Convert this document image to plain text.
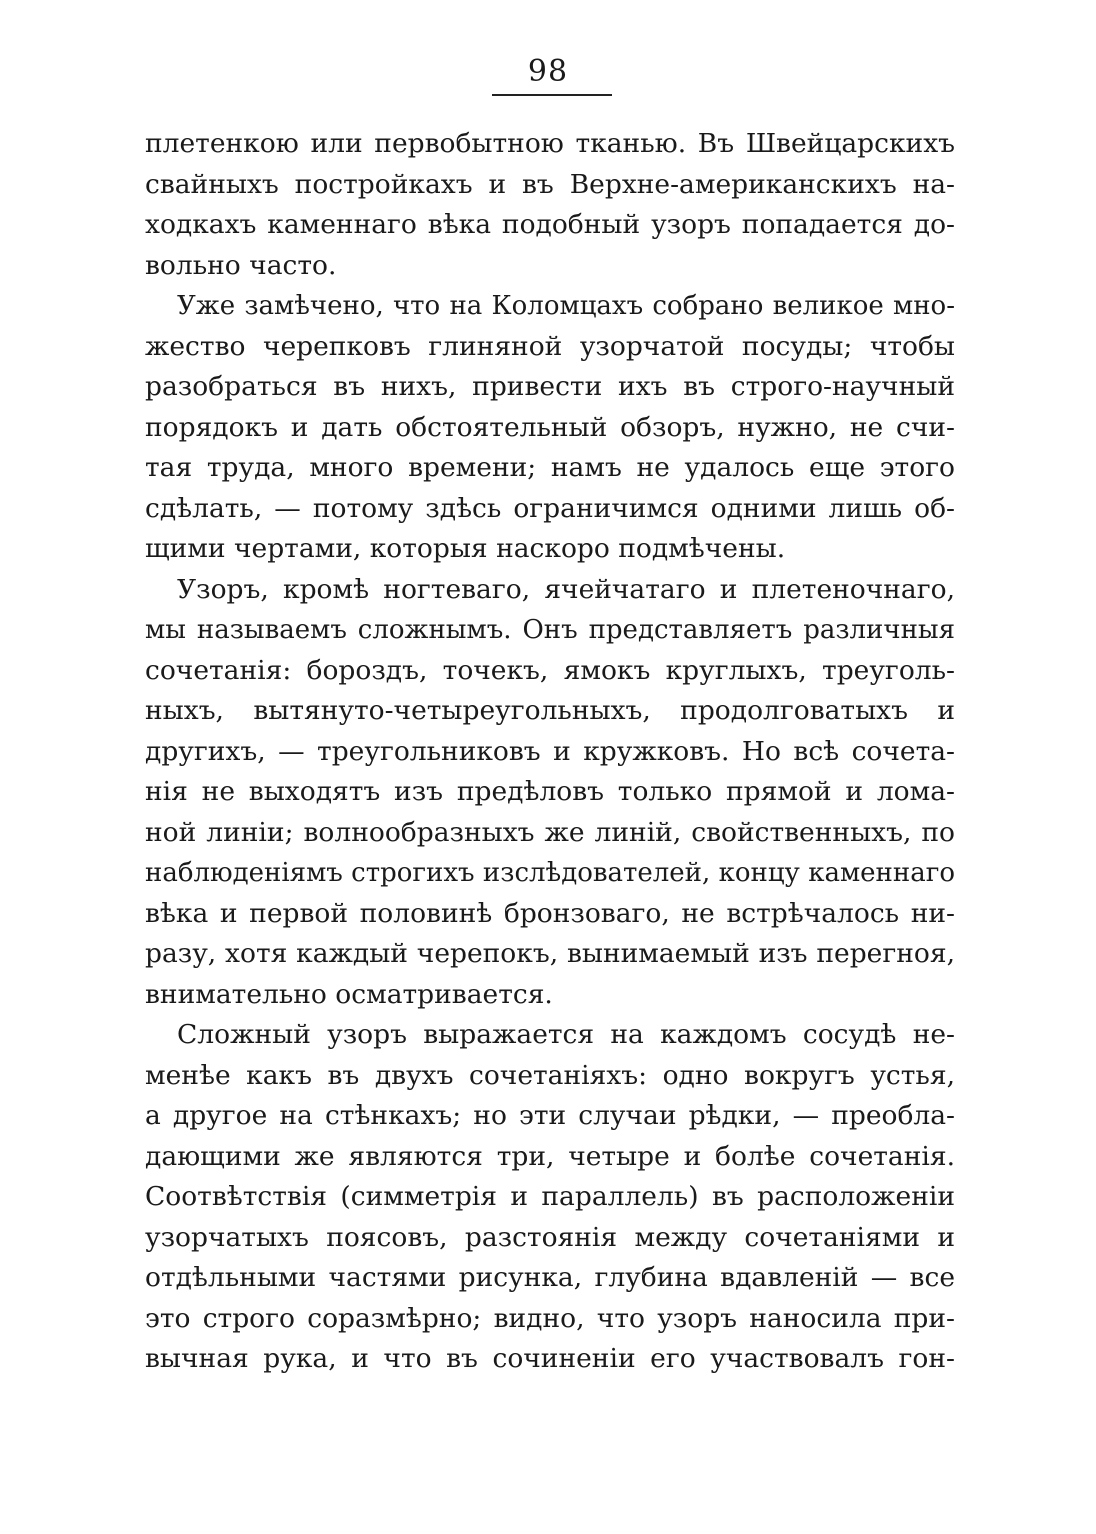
98
плетенкою или первобытною тканью. Въ Швейцарскихъ
свайныхъ постройкахъ и въ Верхне-американскихъ на-
ходкахъ каменнаго вѣка подобный узоръ попадается до-
вольно часто.
Уже замѣчено, что на Коломцахъ собрано великое мно-
жество черепковъ глиняной узорчатой посуды; чтобы
разобраться въ нихъ, привести ихъ въ строго-научный
порядокъ и дать обстоятельный обзоръ, нужно, не счи-
тая труда, много времени; намъ не удалось еще этого
сдѣлать, — потому здѣсь ограничимся одними лишь об-
щими чертами, которыя наскоро подмѣчены.
Узоръ, кромѣ ногтеваго, ячейчатаго и плетеночнаго,
мы называемъ сложнымъ. Онъ представляетъ различныя
сочетанія: бороздъ, точекъ, ямокъ круглыхъ, треуголь-
ныхъ, вытянуто-четыреугольныхъ, продолговатыхъ и
другихъ, — треугольниковъ и кружковъ. Но всѣ сочета-
нія не выходятъ изъ предѣловъ только прямой и лома-
ной линіи; волнообразныхъ же линій, свойственныхъ, по
наблюденіямъ строгихъ изслѣдователей, концу каменнаго
вѣка и первой половинѣ бронзоваго, не встрѣчалось ни-
разу, хотя каждый черепокъ, вынимаемый изъ перегноя,
внимательно осматривается.
Сложный узоръ выражается на каждомъ сосудѣ не-
менѣе какъ въ двухъ сочетаніяхъ: одно вокругъ устья,
а другое на стѣнкахъ; но эти случаи рѣдки, — преобла-
дающими же являются три, четыре и болѣе сочетанія.
Соотвѣтствія (симметрія и параллель) въ расположеніи
узорчатыхъ поясовъ, разстоянія между сочетаніями и
отдѣльными частями рисунка, глубина вдавленій — все
это строго соразмѣрно; видно, что узоръ наносила при-
вычная рука, и что въ сочиненіи его участвовалъ гон-
